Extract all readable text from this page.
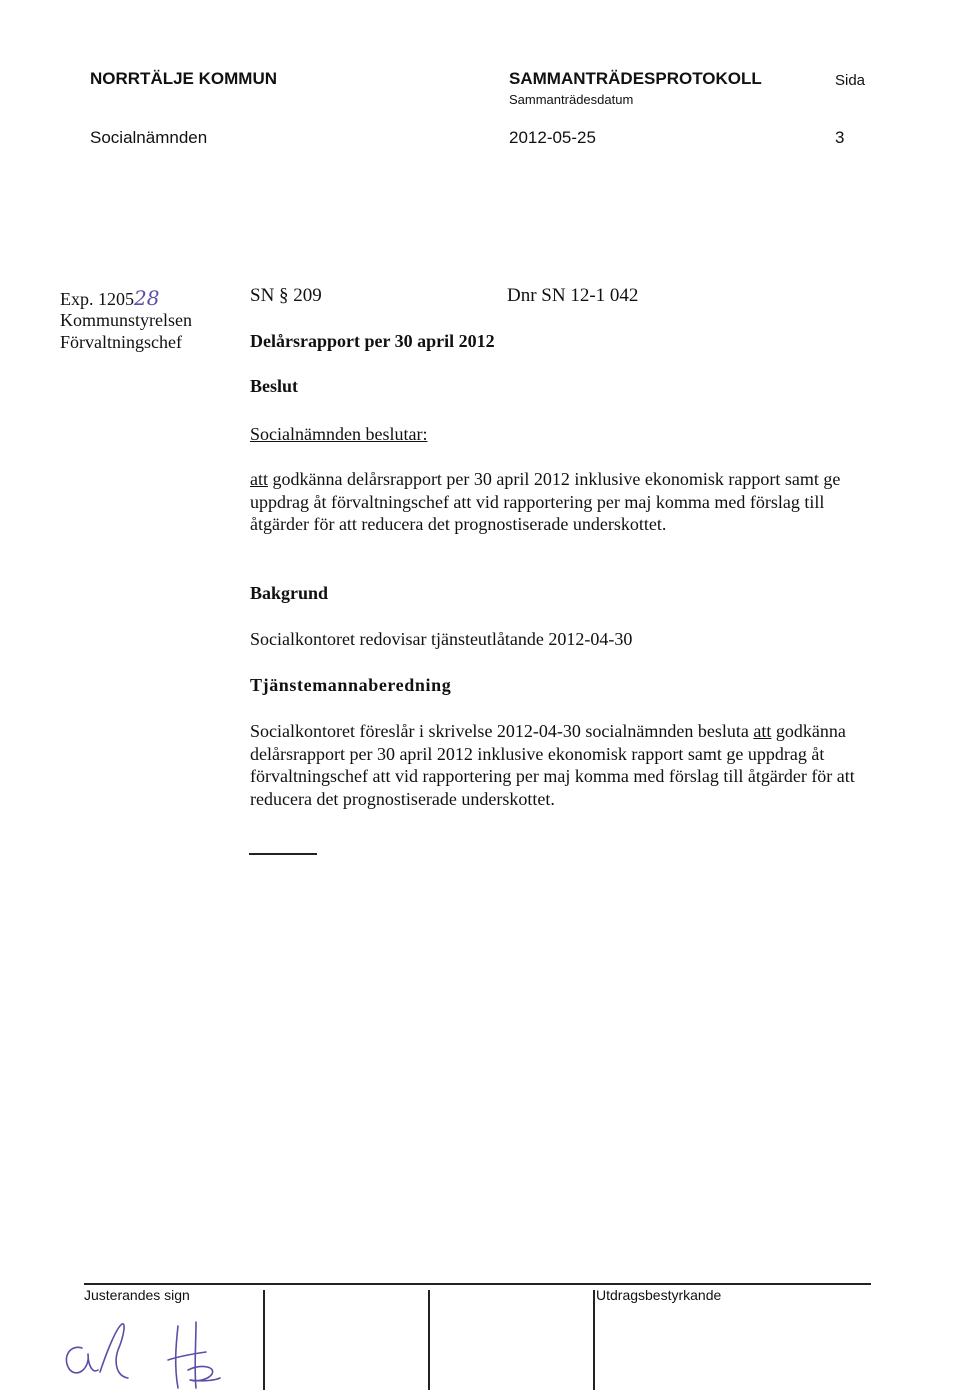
NORRTÄLJE KOMMUN	SAMMANTRÄDESPROTOKOLL	Sida
Sammanträdesdatum
Socialnämnden	2012-05-25	3
Exp. 120528
Kommunstyrelsen
Förvaltningschef
SN § 209	Dnr SN 12-1 042
Delårsrapport per 30 april 2012
Beslut
Socialnämnden beslutar:
att godkänna delårsrapport per 30 april 2012 inklusive ekonomisk rapport samt ge uppdrag åt förvaltningschef att vid rapportering per maj komma med förslag till åtgärder för att reducera det prognostiserade underskottet.
Bakgrund
Socialkontoret redovisar tjänsteutlåtande 2012-04-30
Tjänstemannaberedning
Socialkontoret föreslår i skrivelse 2012-04-30 socialnämnden besluta att godkänna delårsrapport per 30 april 2012 inklusive ekonomisk rapport samt ge uppdrag åt förvaltningschef att vid rapportering per maj komma med förslag till åtgärder för att reducera det prognostiserade underskottet.
Justerandes sign	Utdragsbestyrkande
